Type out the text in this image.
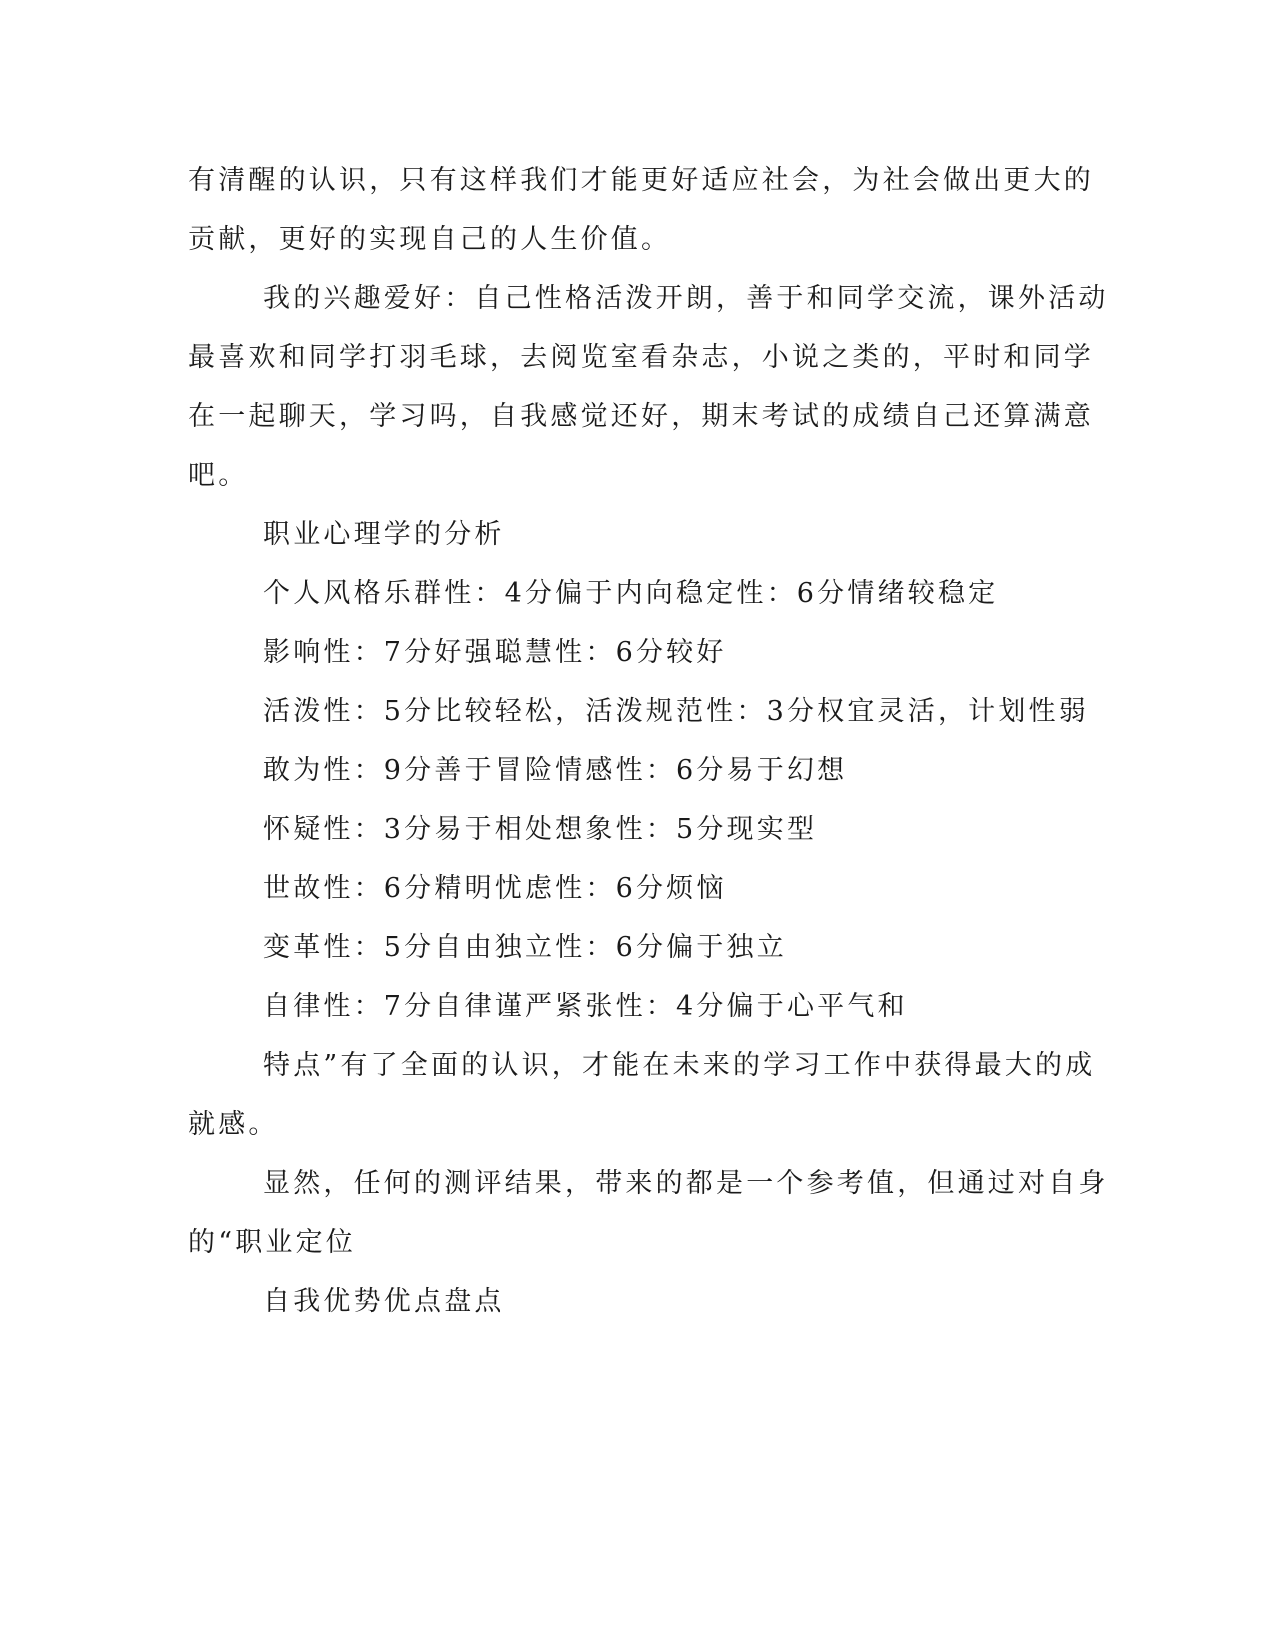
有清醒的认识，只有这样我们才能更好适应社会，为社会做出更大的
贡献，更好的实现自己的人生价值。
我的兴趣爱好：自己性格活泼开朗，善于和同学交流，课外活动
最喜欢和同学打羽毛球，去阅览室看杂志，小说之类的，平时和同学
在一起聊天，学习吗，自我感觉还好，期末考试的成绩自己还算满意
吧。
职业心理学的分析
个人风格乐群性：4分偏于内向稳定性：6分情绪较稳定
影响性：7分好强聪慧性：6分较好
活泼性：5分比较轻松，活泼规范性：3分权宜灵活，计划性弱
敢为性：9分善于冒险情感性：6分易于幻想
怀疑性：3分易于相处想象性：5分现实型
世故性：6分精明忧虑性：6分烦恼
变革性：5分自由独立性：6分偏于独立
自律性：7分自律谨严紧张性：4分偏于心平气和
特点”有了全面的认识，才能在未来的学习工作中获得最大的成
就感。
显然，任何的测评结果，带来的都是一个参考值，但通过对自身
的“职业定位
自我优势优点盘点
